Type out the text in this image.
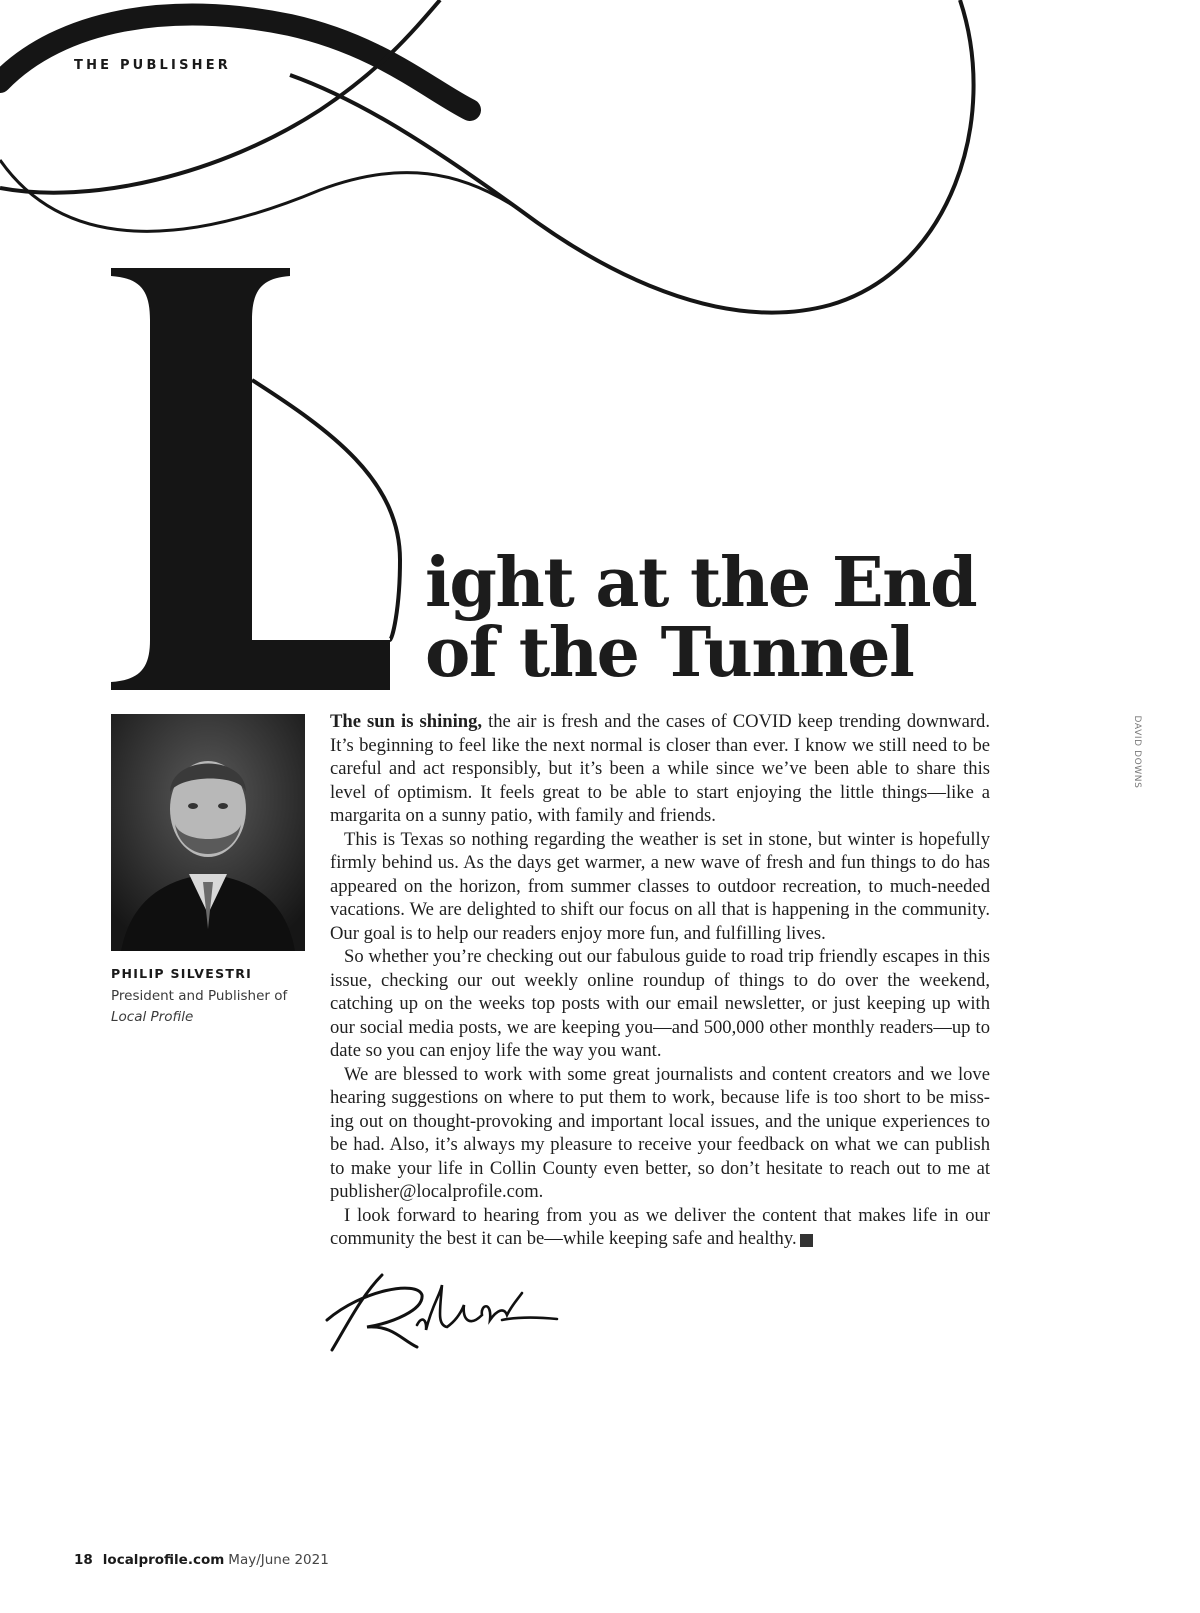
THE PUBLISHER
ight at the End of the Tunnel
PHILIP SILVESTRI
President and Publisher of
Local Profile

The sun is shining, the air is fresh and the cases of COVID keep trending downward. It’s beginning to feel like the next normal is closer than ever. I know we still need to be careful and act responsibly, but it’s been a while since we’ve been able to share this level of optimism. It feels great to be able to start enjoying the little things—like a margarita on a sunny patio, with family and friends.

This is Texas so nothing regarding the weather is set in stone, but winter is hopefully firmly behind us. As the days get warmer, a new wave of fresh and fun things to do has appeared on the horizon, from summer classes to outdoor recreation, to much-needed vacations. We are delighted to shift our focus on all that is happening in the community. Our goal is to help our readers enjoy more fun, and fulfilling lives.

So whether you’re checking out our fabulous guide to road trip friendly escapes in this issue, checking our out weekly online roundup of things to do over the weekend, catching up on the weeks top posts with our email newsletter, or just keeping up with our social media posts, we are keeping you—and 500,000 other monthly readers—up to date so you can enjoy life the way you want.

We are blessed to work with some great journalists and content creators and we love hearing suggestions on where to put them to work, because life is too short to be miss-ing out on thought-provoking and important local issues, and the unique experiences to be had. Also, it’s always my pleasure to receive your feedback on what we can publish to make your life in Collin County even better, so don’t hesitate to reach out to me at publisher@localprofile.com.

I look forward to hearing from you as we deliver the content that makes life in our community the best it can be—while keeping safe and healthy. L

DAVID DOWNS
18 localprofile.com May/June 2021
